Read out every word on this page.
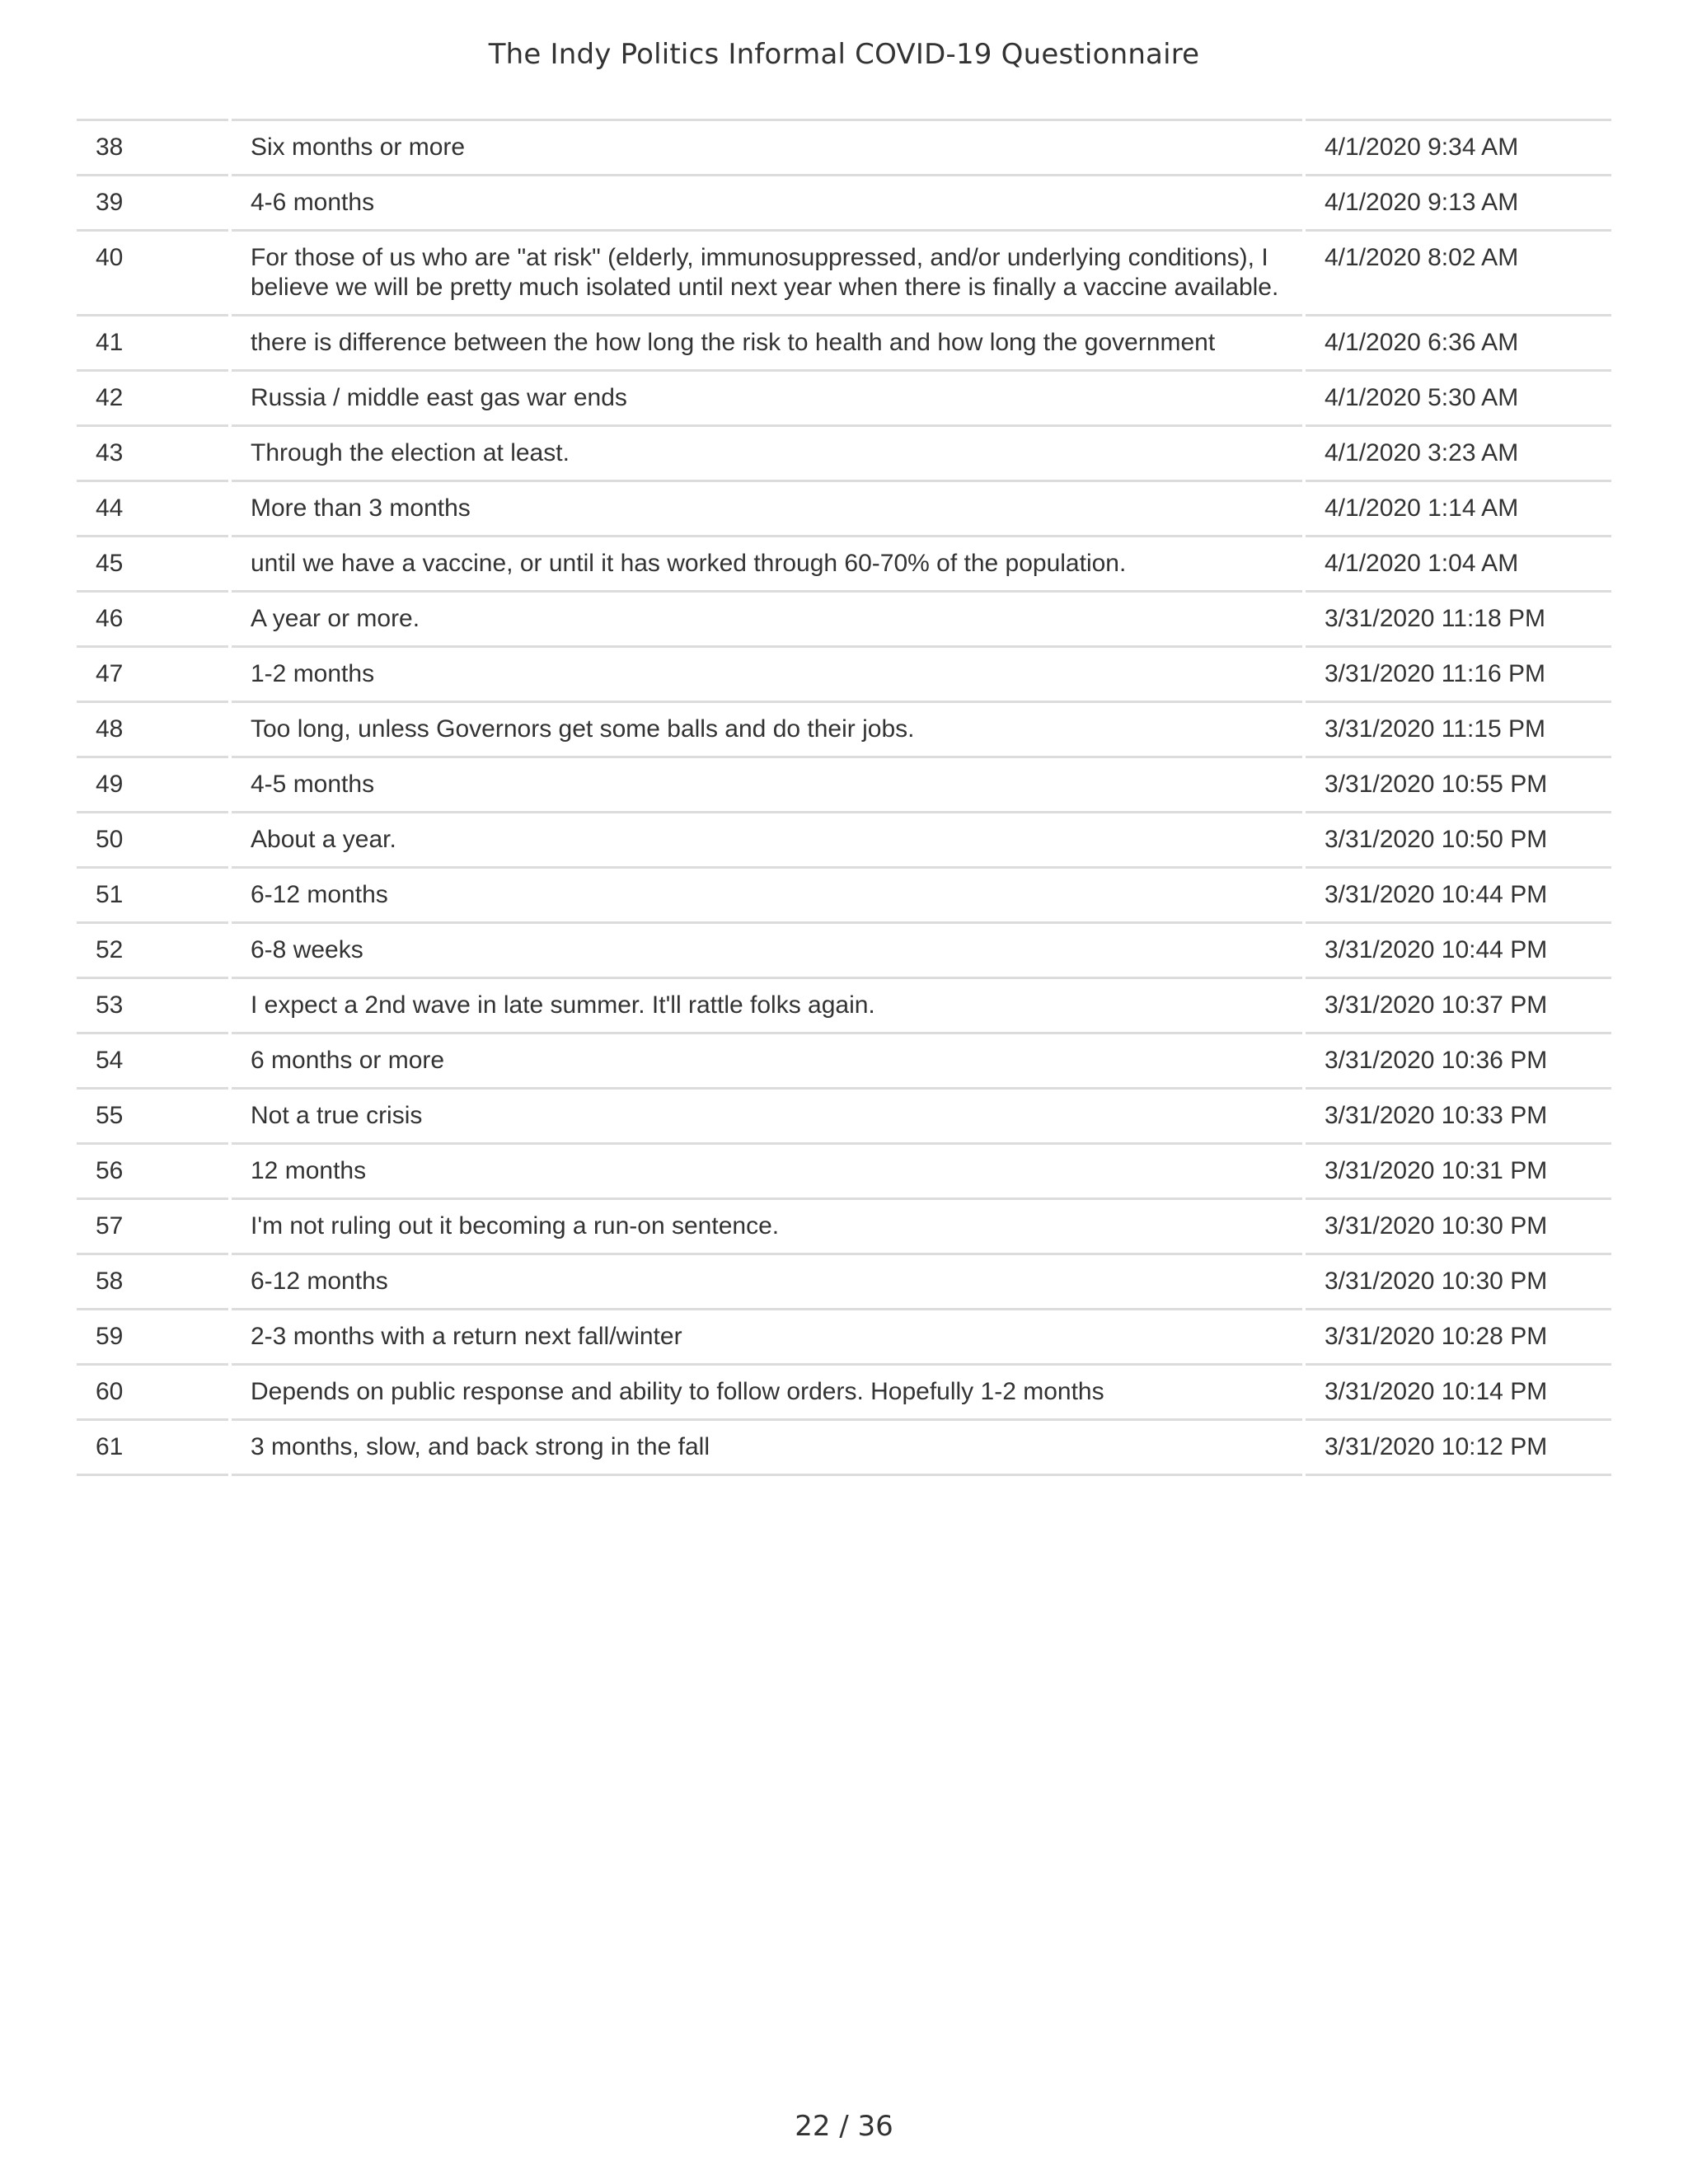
The Indy Politics Informal COVID-19 Questionnaire
38	Six months or more	4/1/2020 9:34 AM
39	4-6 months	4/1/2020 9:13 AM
40	For those of us who are "at risk" (elderly, immunosuppressed, and/or underlying conditions), I believe we will be pretty much isolated until next year when there is finally a vaccine available.	4/1/2020 8:02 AM
41	there is difference between the how long the risk to health and how long the government	4/1/2020 6:36 AM
42	Russia / middle east gas war ends	4/1/2020 5:30 AM
43	Through the election at least.	4/1/2020 3:23 AM
44	More than 3 months	4/1/2020 1:14 AM
45	until we have a vaccine, or until it has worked through 60-70% of the population.	4/1/2020 1:04 AM
46	A year or more.	3/31/2020 11:18 PM
47	1-2 months	3/31/2020 11:16 PM
48	Too long, unless Governors get some balls and do their jobs.	3/31/2020 11:15 PM
49	4-5 months	3/31/2020 10:55 PM
50	About a year.	3/31/2020 10:50 PM
51	6-12 months	3/31/2020 10:44 PM
52	6-8 weeks	3/31/2020 10:44 PM
53	I expect a 2nd wave in late summer. It'll rattle folks again.	3/31/2020 10:37 PM
54	6 months or more	3/31/2020 10:36 PM
55	Not a true crisis	3/31/2020 10:33 PM
56	12 months	3/31/2020 10:31 PM
57	I'm not ruling out it becoming a run-on sentence.	3/31/2020 10:30 PM
58	6-12 months	3/31/2020 10:30 PM
59	2-3 months with a return next fall/winter	3/31/2020 10:28 PM
60	Depends on public response and ability to follow orders. Hopefully 1-2 months	3/31/2020 10:14 PM
61	3 months, slow, and back strong in the fall	3/31/2020 10:12 PM
22 / 36
